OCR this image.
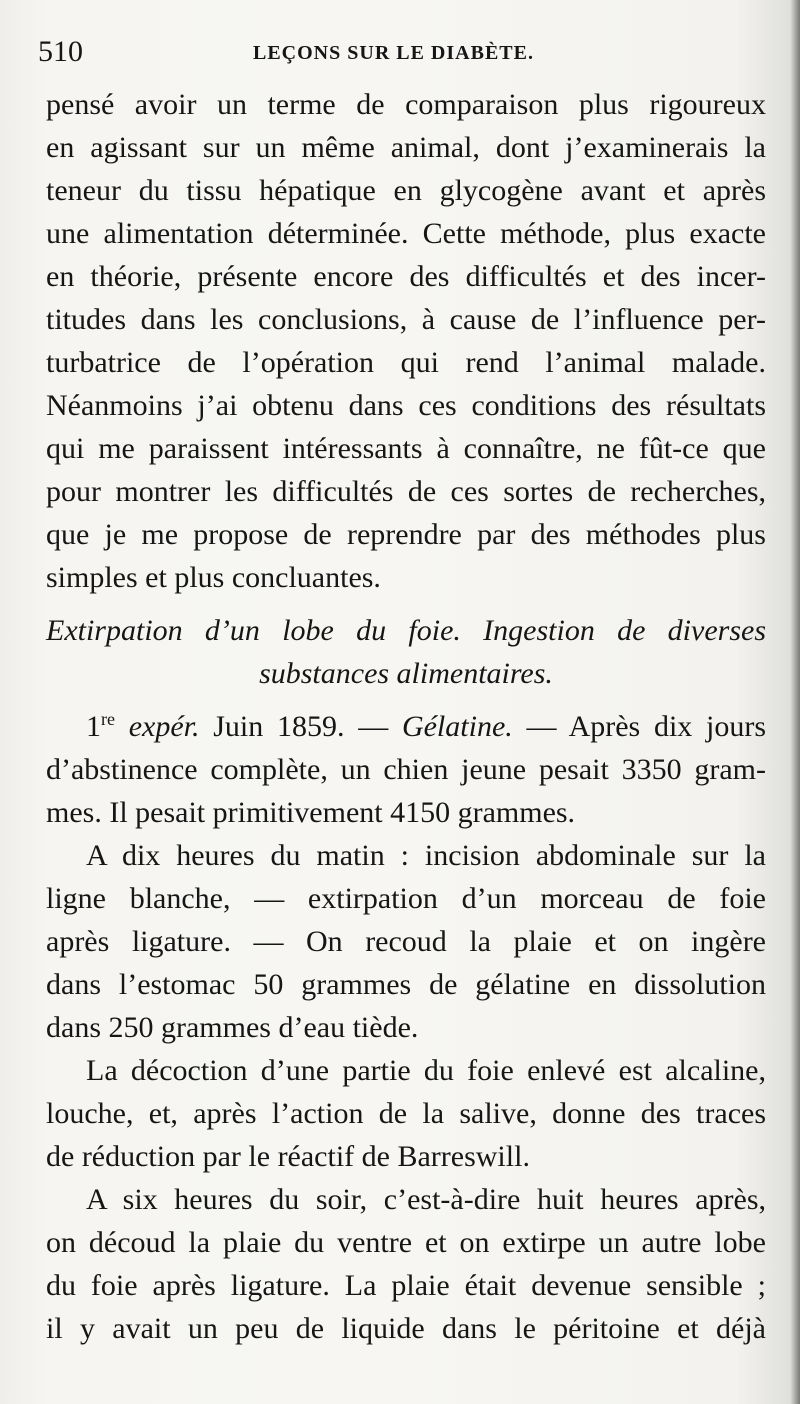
510	LEÇONS SUR LE DIABÈTE.
pensé avoir un terme de comparaison plus rigoureux
en agissant sur un même animal, dont j’examinerais la
teneur du tissu hépatique en glycogène avant et après
une alimentation déterminée. Cette méthode, plus exacte
en théorie, présente encore des difficultés et des incer-
titudes dans les conclusions, à cause de l’influence per-
turbatrice de l’opération qui rend l’animal malade.
Néanmoins j’ai obtenu dans ces conditions des résultats
qui me paraissent intéressants à connaître, ne fût-ce que
pour montrer les difficultés de ces sortes de recherches,
que je me propose de reprendre par des méthodes plus
simples et plus concluantes.
Extirpation d’un lobe du foie. Ingestion de diverses
substances alimentaires.
1re expér. Juin 1859. — Gélatine. — Après dix jours
d’abstinence complète, un chien jeune pesait 3350 gram-
mes. Il pesait primitivement 4150 grammes.
A dix heures du matin : incision abdominale sur la
ligne blanche, — extirpation d’un morceau de foie
après ligature. — On recoud la plaie et on ingère
dans l’estomac 50 grammes de gélatine en dissolution
dans 250 grammes d’eau tiède.
La décoction d’une partie du foie enlevé est alcaline,
louche, et, après l’action de la salive, donne des traces
de réduction par le réactif de Barreswill.
A six heures du soir, c’est-à-dire huit heures après,
on découd la plaie du ventre et on extirpe un autre lobe
du foie après ligature. La plaie était devenue sensible ;
il y avait un peu de liquide dans le péritoine et déjà
